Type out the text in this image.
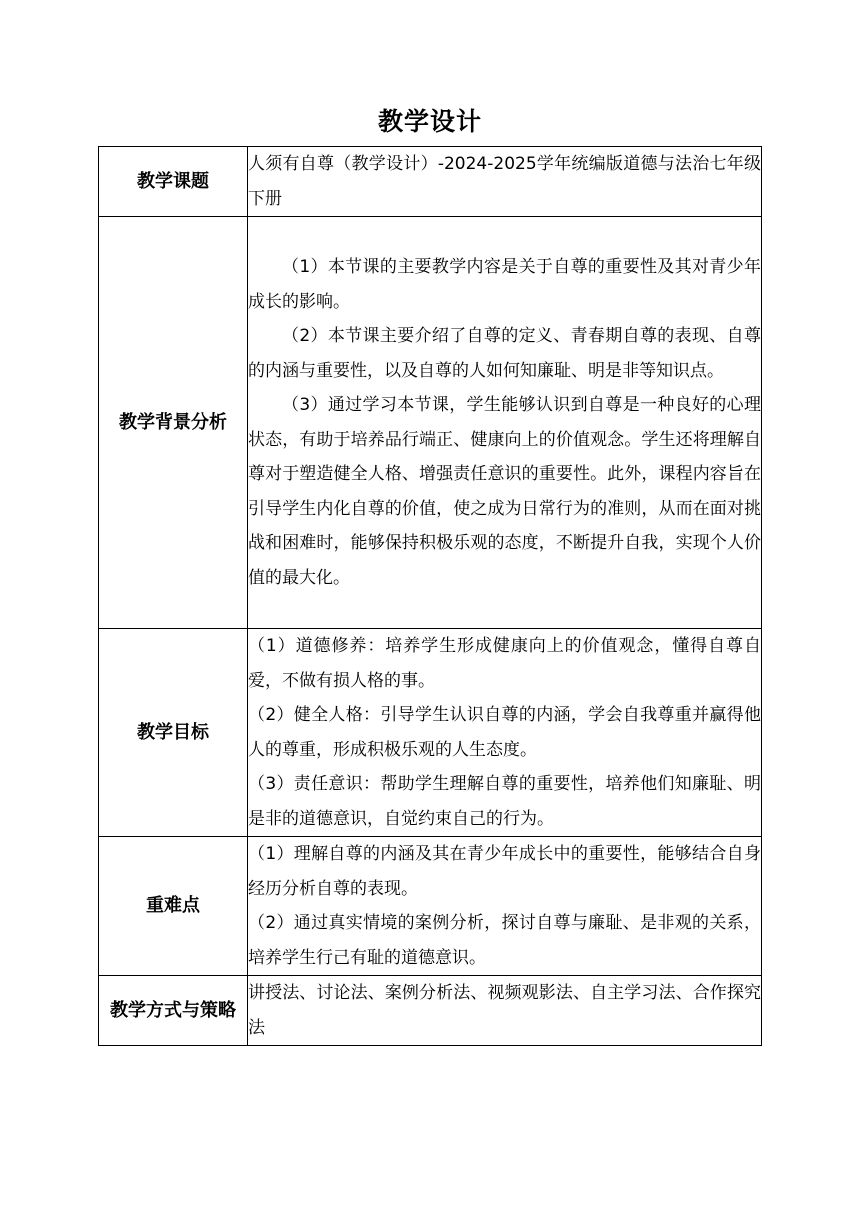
教学设计
教学课题	人须有自尊（教学设计）-2024-2025学年统编版道德与法治七年级下册

教学背景分析	（1）本节课的主要教学内容是关于自尊的重要性及其对青少年成长的影响。

（2）本节课主要介绍了自尊的定义、青春期自尊的表现、自尊的内涵与重要性，以及自尊的人如何知廉耻、明是非等知识点。

（3）通过学习本节课，学生能够认识到自尊是一种良好的心理状态，有助于培养品行端正、健康向上的价值观念。学生还将理解自尊对于塑造健全人格、增强责任意识的重要性。此外，课程内容旨在引导学生内化自尊的价值，使之成为日常行为的准则，从而在面对挑战和困难时，能够保持积极乐观的态度，不断提升自我，实现个人价值的最大化。

教学目标	（1）道德修养：培养学生形成健康向上的价值观念，懂得自尊自爱，不做有损人格的事。

（2）健全人格：引导学生认识自尊的内涵，学会自我尊重并赢得他人的尊重，形成积极乐观的人生态度。

（3）责任意识：帮助学生理解自尊的重要性，培养他们知廉耻、明是非的道德意识，自觉约束自己的行为。

重难点	（1）理解自尊的内涵及其在青少年成长中的重要性，能够结合自身经历分析自尊的表现。

（2）通过真实情境的案例分析，探讨自尊与廉耻、是非观的关系，培养学生行己有耻的道德意识。

教学方式与策略	讲授法、讨论法、案例分析法、视频观影法、自主学习法、合作探究法
